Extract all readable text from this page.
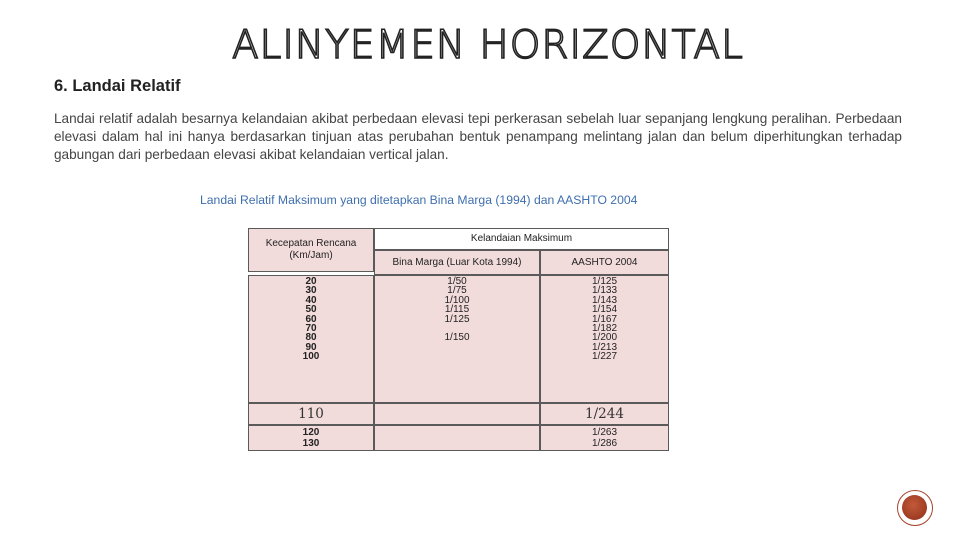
ALINYEMEN HORIZONTAL
6. Landai Relatif

Landai relatif adalah besarnya kelandaian akibat perbedaan elevasi tepi perkerasan sebelah luar sepanjang lengkung peralihan. Perbedaan elevasi dalam hal ini hanya berdasarkan tinjuan atas perubahan bentuk penampang melintang jalan dan belum diperhitungkan terhadap gabungan dari perbedaan elevasi akibat kelandaian vertical jalan.

Landai Relatif Maksimum yang ditetapkan Bina Marga (1994) dan AASHTO 2004

Kecepatan Rencana
(Km/Jam)
Kelandaian Maksimum
Bina Marga (Luar Kota 1994)	AASHTO 2004
20
30
40
50
60
70
80
90
100
1/50
1/75
1/100
1/115
1/125
1/150
1/125
1/133
1/143
1/154
1/167
1/182
1/200
1/213
1/227
110	1/244
120
130
1/263
1/286
